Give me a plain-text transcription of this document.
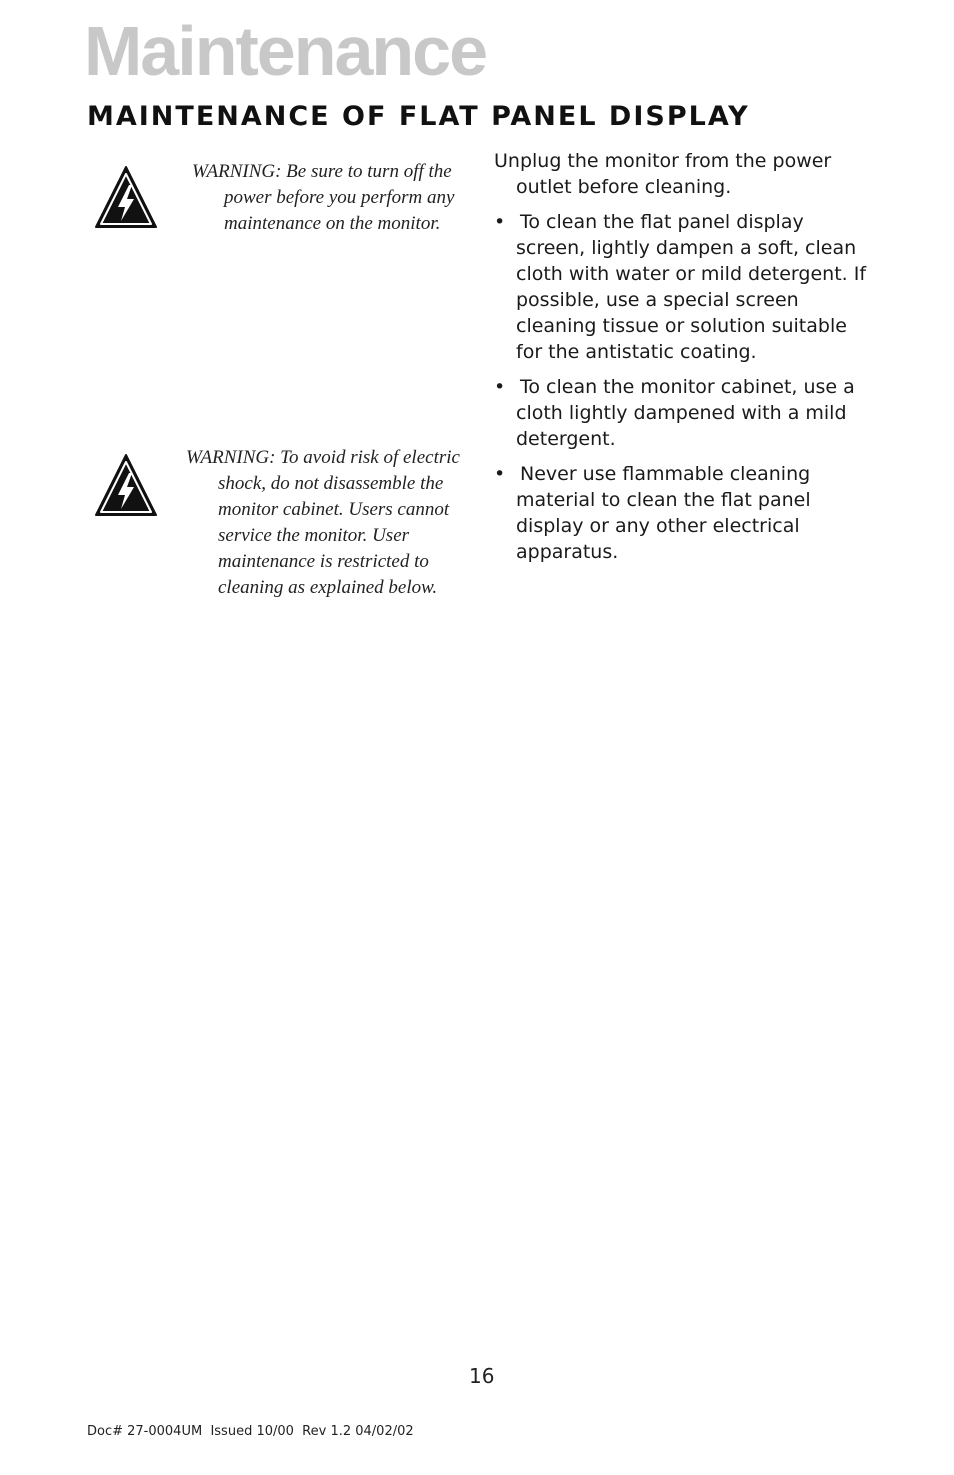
Maintenance
MAINTENANCE OF FLAT PANEL DISPLAY
WARNING: Be sure to turn off the power before you perform any maintenance on the monitor.
WARNING: To avoid risk of electric shock, do not disassemble the monitor cabinet. Users cannot service the monitor. User maintenance is restricted to cleaning as explained below.

Unplug the monitor from the power outlet before cleaning.

• To clean the flat panel display screen, lightly dampen a soft, clean cloth with water or mild detergent. If possible, use a special screen cleaning tissue or solution suitable for the antistatic coating.

• To clean the monitor cabinet, use a cloth lightly dampened with a mild detergent.

• Never use flammable cleaning material to clean the flat panel display or any other electrical apparatus.

16
Doc# 27-0004UM  Issued 10/00  Rev 1.2 04/02/02
